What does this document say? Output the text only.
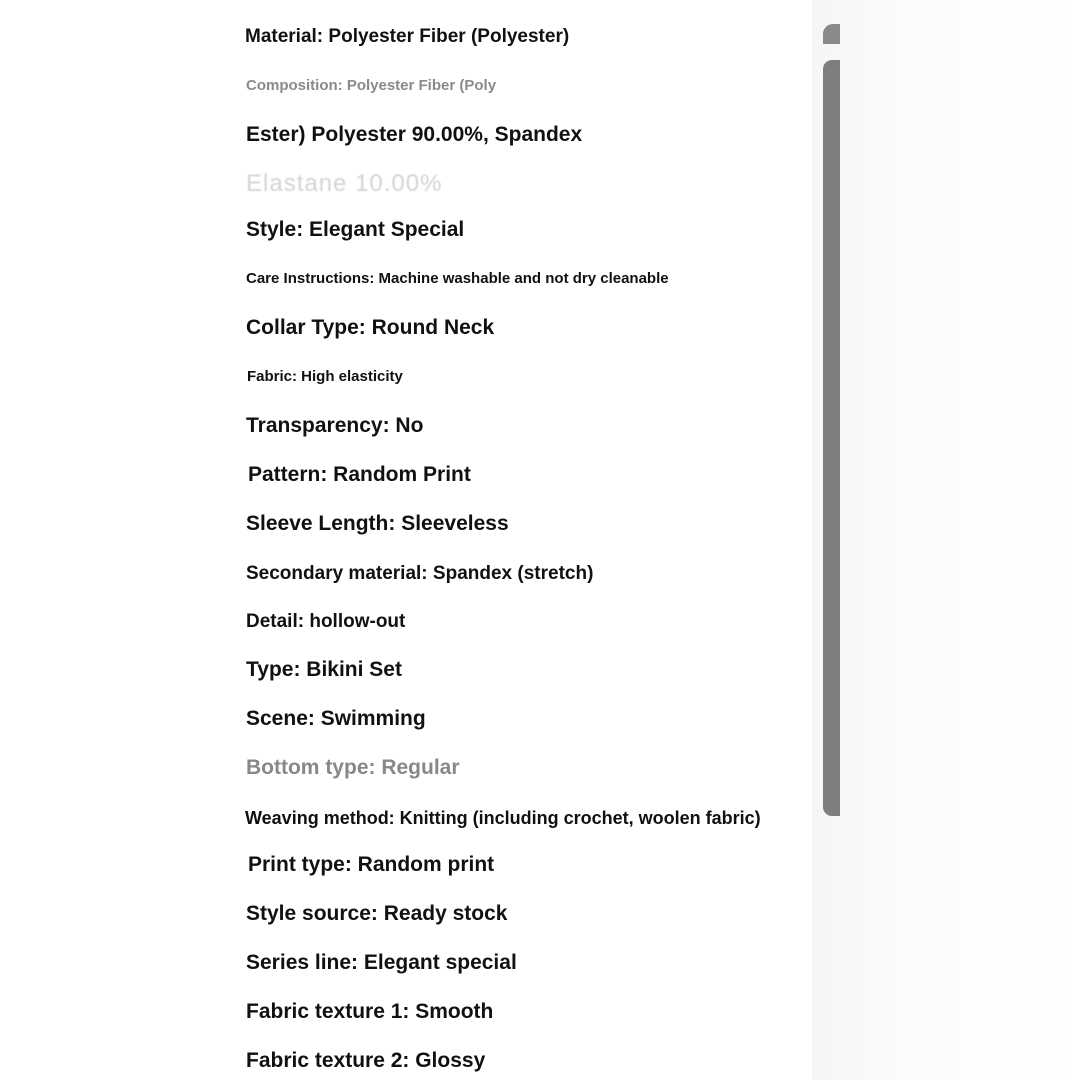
Material: Polyester Fiber (Polyester)
Composition: Polyester Fiber (Poly
Ester) Polyester 90.00%, Spandex
Elastane 10.00%
Style: Elegant Special
Care Instructions: Machine washable and not dry cleanable
Collar Type: Round Neck
Fabric: High elasticity
Transparency: No
Pattern: Random Print
Sleeve Length: Sleeveless
Secondary material: Spandex (stretch)
Detail: hollow-out
Type: Bikini Set
Scene: Swimming
Bottom type: Regular
Weaving method: Knitting (including crochet, woolen fabric)
Print type: Random print
Style source: Ready stock
Series line: Elegant special
Fabric texture 1: Smooth
Fabric texture 2: Glossy
